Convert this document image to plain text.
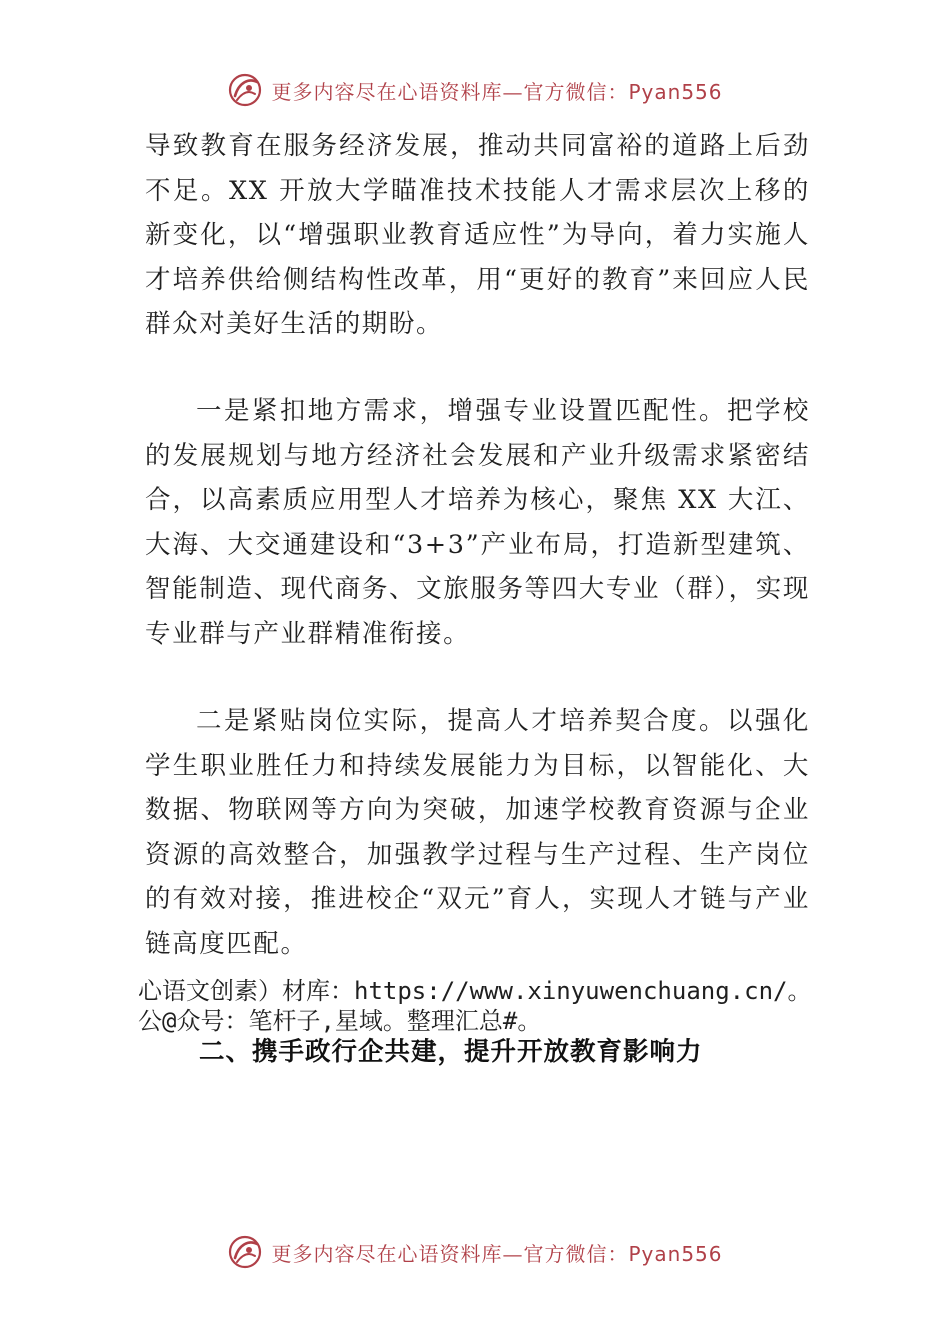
更多内容尽在心语资料库—官方微信：Pyan556
导致教育在服务经济发展，推动共同富裕的道路上后劲不足。XX 开放大学瞄准技术技能人才需求层次上移的新变化，以“增强职业教育适应性”为导向，着力实施人才培养供给侧结构性改革，用“更好的教育”来回应人民群众对美好生活的期盼。
一是紧扣地方需求，增强专业设置匹配性。把学校的发展规划与地方经济社会发展和产业升级需求紧密结合，以高素质应用型人才培养为核心，聚焦 XX 大江、大海、大交通建设和“3+3”产业布局，打造新型建筑、智能制造、现代商务、文旅服务等四大专业（群），实现专业群与产业群精准衔接。
二是紧贴岗位实际，提高人才培养契合度。以强化学生职业胜任力和持续发展能力为目标，以智能化、大数据、物联网等方向为突破，加速学校教育资源与企业资源的高效整合，加强教学过程与生产过程、生产岗位的有效对接，推进校企“双元”育人，实现人才链与产业链高度匹配。
心语文创素）材库：https://www.xinyuwenchuang.cn/。
公@众号：笔杆子,星域。整理汇总#。
二、携手政行企共建，提升开放教育影响力
更多内容尽在心语资料库—官方微信：Pyan556
